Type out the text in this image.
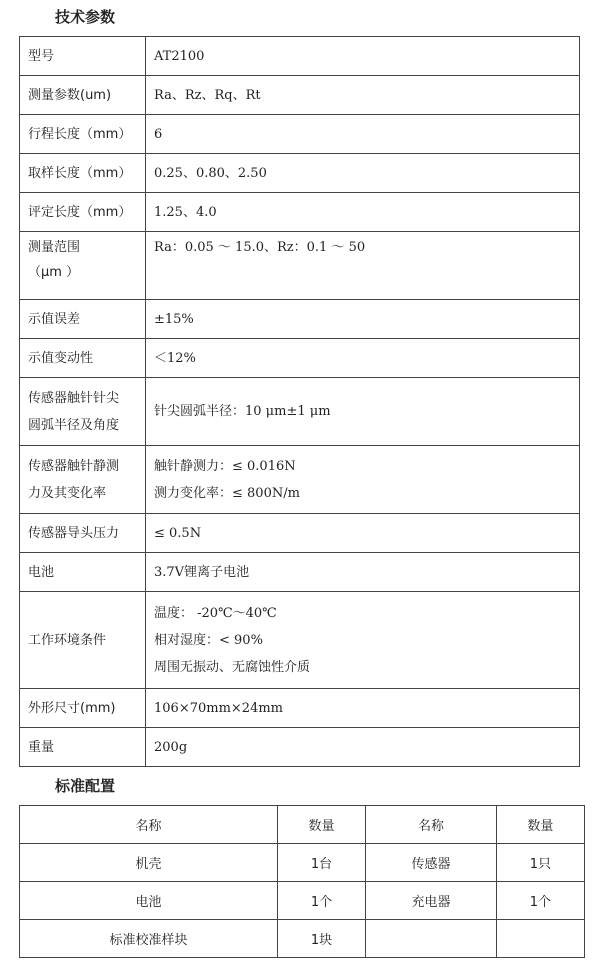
技术参数
型号	AT2100
测量参数(um)	Ra、Rz、Rq、Rt
行程长度（mm）	6
取样长度（mm）	0.25、0.80、2.50
评定长度（mm）	1.25、4.0

测量范围
（μm ）	Ra：0.05 ～ 15.0、Rz：0.1 ～ 50
示值误差	±15%
示值变动性	＜12%

传感器触针针尖
圆弧半径及角度	针尖圆弧半径：10 μm±1 μm

传感器触针静测
力及其变化率	触针静测力：≤ 0.016N
测力变化率：≤ 800N/m

传感器导头压力	≤ 0.5N
电池	3.7V锂离子电池
工作环境条件	温度： -20℃～40℃
相对湿度：< 90%
周围无振动、无腐蚀性介质

外形尺寸(mm)	106×70mm×24mm
重量	200g
标准配置
名称	数量	名称	数量
机壳	1台	传感器	1只
电池	1个	充电器	1个
标准校准样块	1块		
